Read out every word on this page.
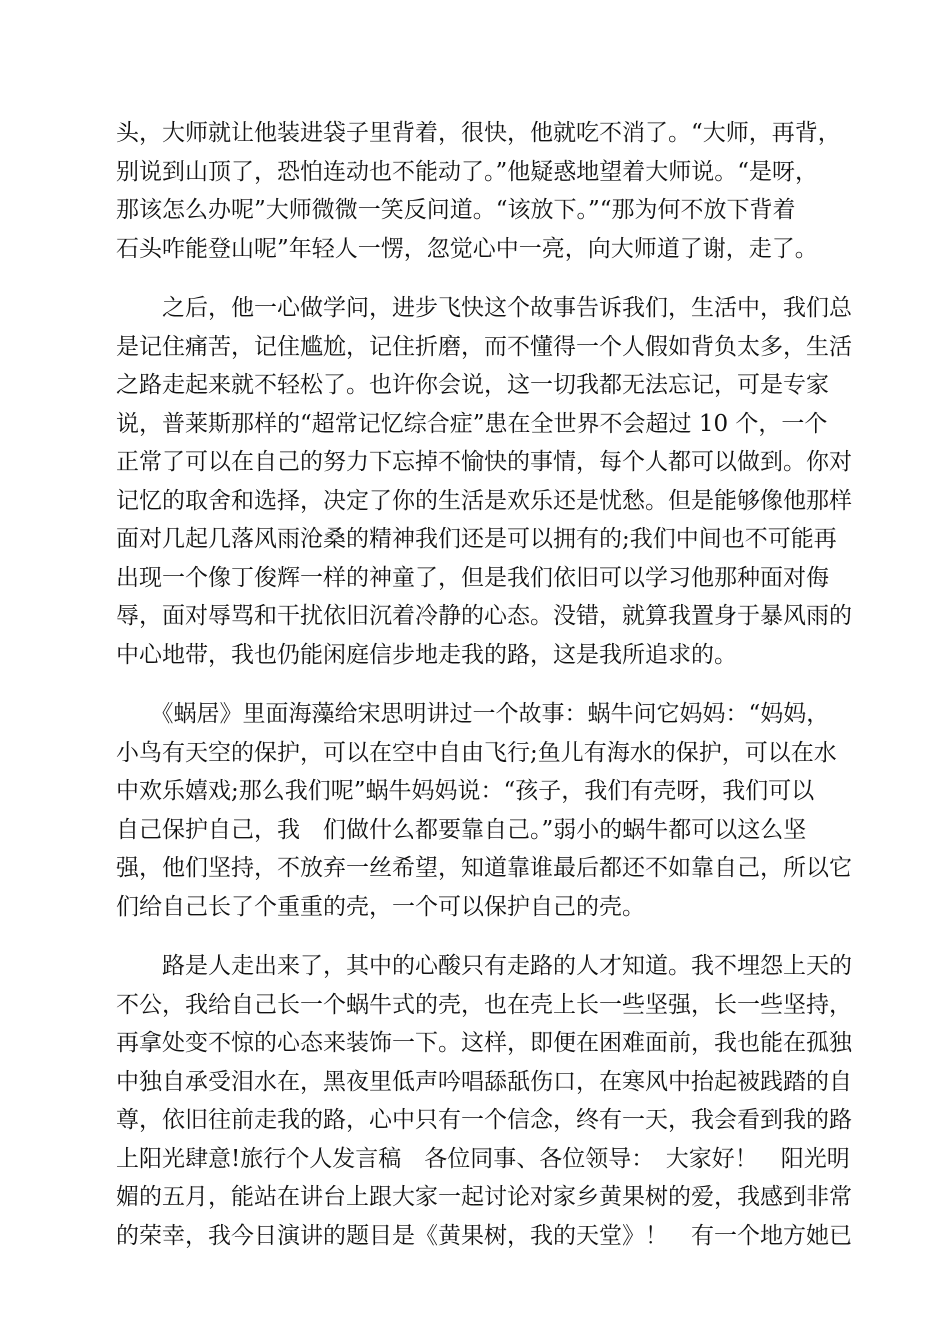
头，大师就让他装进袋子里背着，很快，他就吃不消了。“大师，再背，
别说到山顶了，恐怕连动也不能动了。”他疑惑地望着大师说。“是呀，
那该怎么办呢”大师微微一笑反问道。“该放下。”“那为何不放下背着
石头咋能登山呢”年轻人一愣，忽觉心中一亮，向大师道了谢，走了。

　　之后，他一心做学问，进步飞快这个故事告诉我们，生活中，我们总
是记住痛苦，记住尴尬，记住折磨，而不懂得一个人假如背负太多，生活
之路走起来就不轻松了。也许你会说，这一切我都无法忘记，可是专家
说，普莱斯那样的“超常记忆综合症”患在全世界不会超过 10 个，一个
正常了可以在自己的努力下忘掉不愉快的事情，每个人都可以做到。你对
记忆的取舍和选择，决定了你的生活是欢乐还是忧愁。但是能够像他那样
面对几起几落风雨沧桑的精神我们还是可以拥有的;我们中间也不可能再
出现一个像丁俊辉一样的神童了，但是我们依旧可以学习他那种面对侮
辱，面对辱骂和干扰依旧沉着冷静的心态。没错，就算我置身于暴风雨的
中心地带，我也仍能闲庭信步地走我的路，这是我所追求的。

　　《蜗居》里面海藻给宋思明讲过一个故事：蜗牛问它妈妈：“妈妈，
小鸟有天空的保护，可以在空中自由飞行;鱼儿有海水的保护，可以在水
中欢乐嬉戏;那么我们呢”蜗牛妈妈说：“孩子，我们有壳呀，我们可以
自己保护自己，我　们做什么都要靠自己。”弱小的蜗牛都可以这么坚
强，他们坚持，不放弃一丝希望，知道靠谁最后都还不如靠自己，所以它
们给自己长了个重重的壳，一个可以保护自己的壳。

　　路是人走出来了，其中的心酸只有走路的人才知道。我不埋怨上天的
不公，我给自己长一个蜗牛式的壳，也在壳上长一些坚强，长一些坚持，
再拿处变不惊的心态来装饰一下。这样，即便在困难面前，我也能在孤独
中独自承受泪水在，黑夜里低声吟唱舔舐伤口，在寒风中抬起被践踏的自
尊，依旧往前走我的路，心中只有一个信念，终有一天，我会看到我的路
上阳光肆意!旅行个人发言稿　各位同事、各位领导：　大家好！　阳光明
媚的五月，能站在讲台上跟大家一起讨论对家乡黄果树的爱，我感到非常
的荣幸，我今日演讲的题目是《黄果树，我的天堂》！　有一个地方她已
